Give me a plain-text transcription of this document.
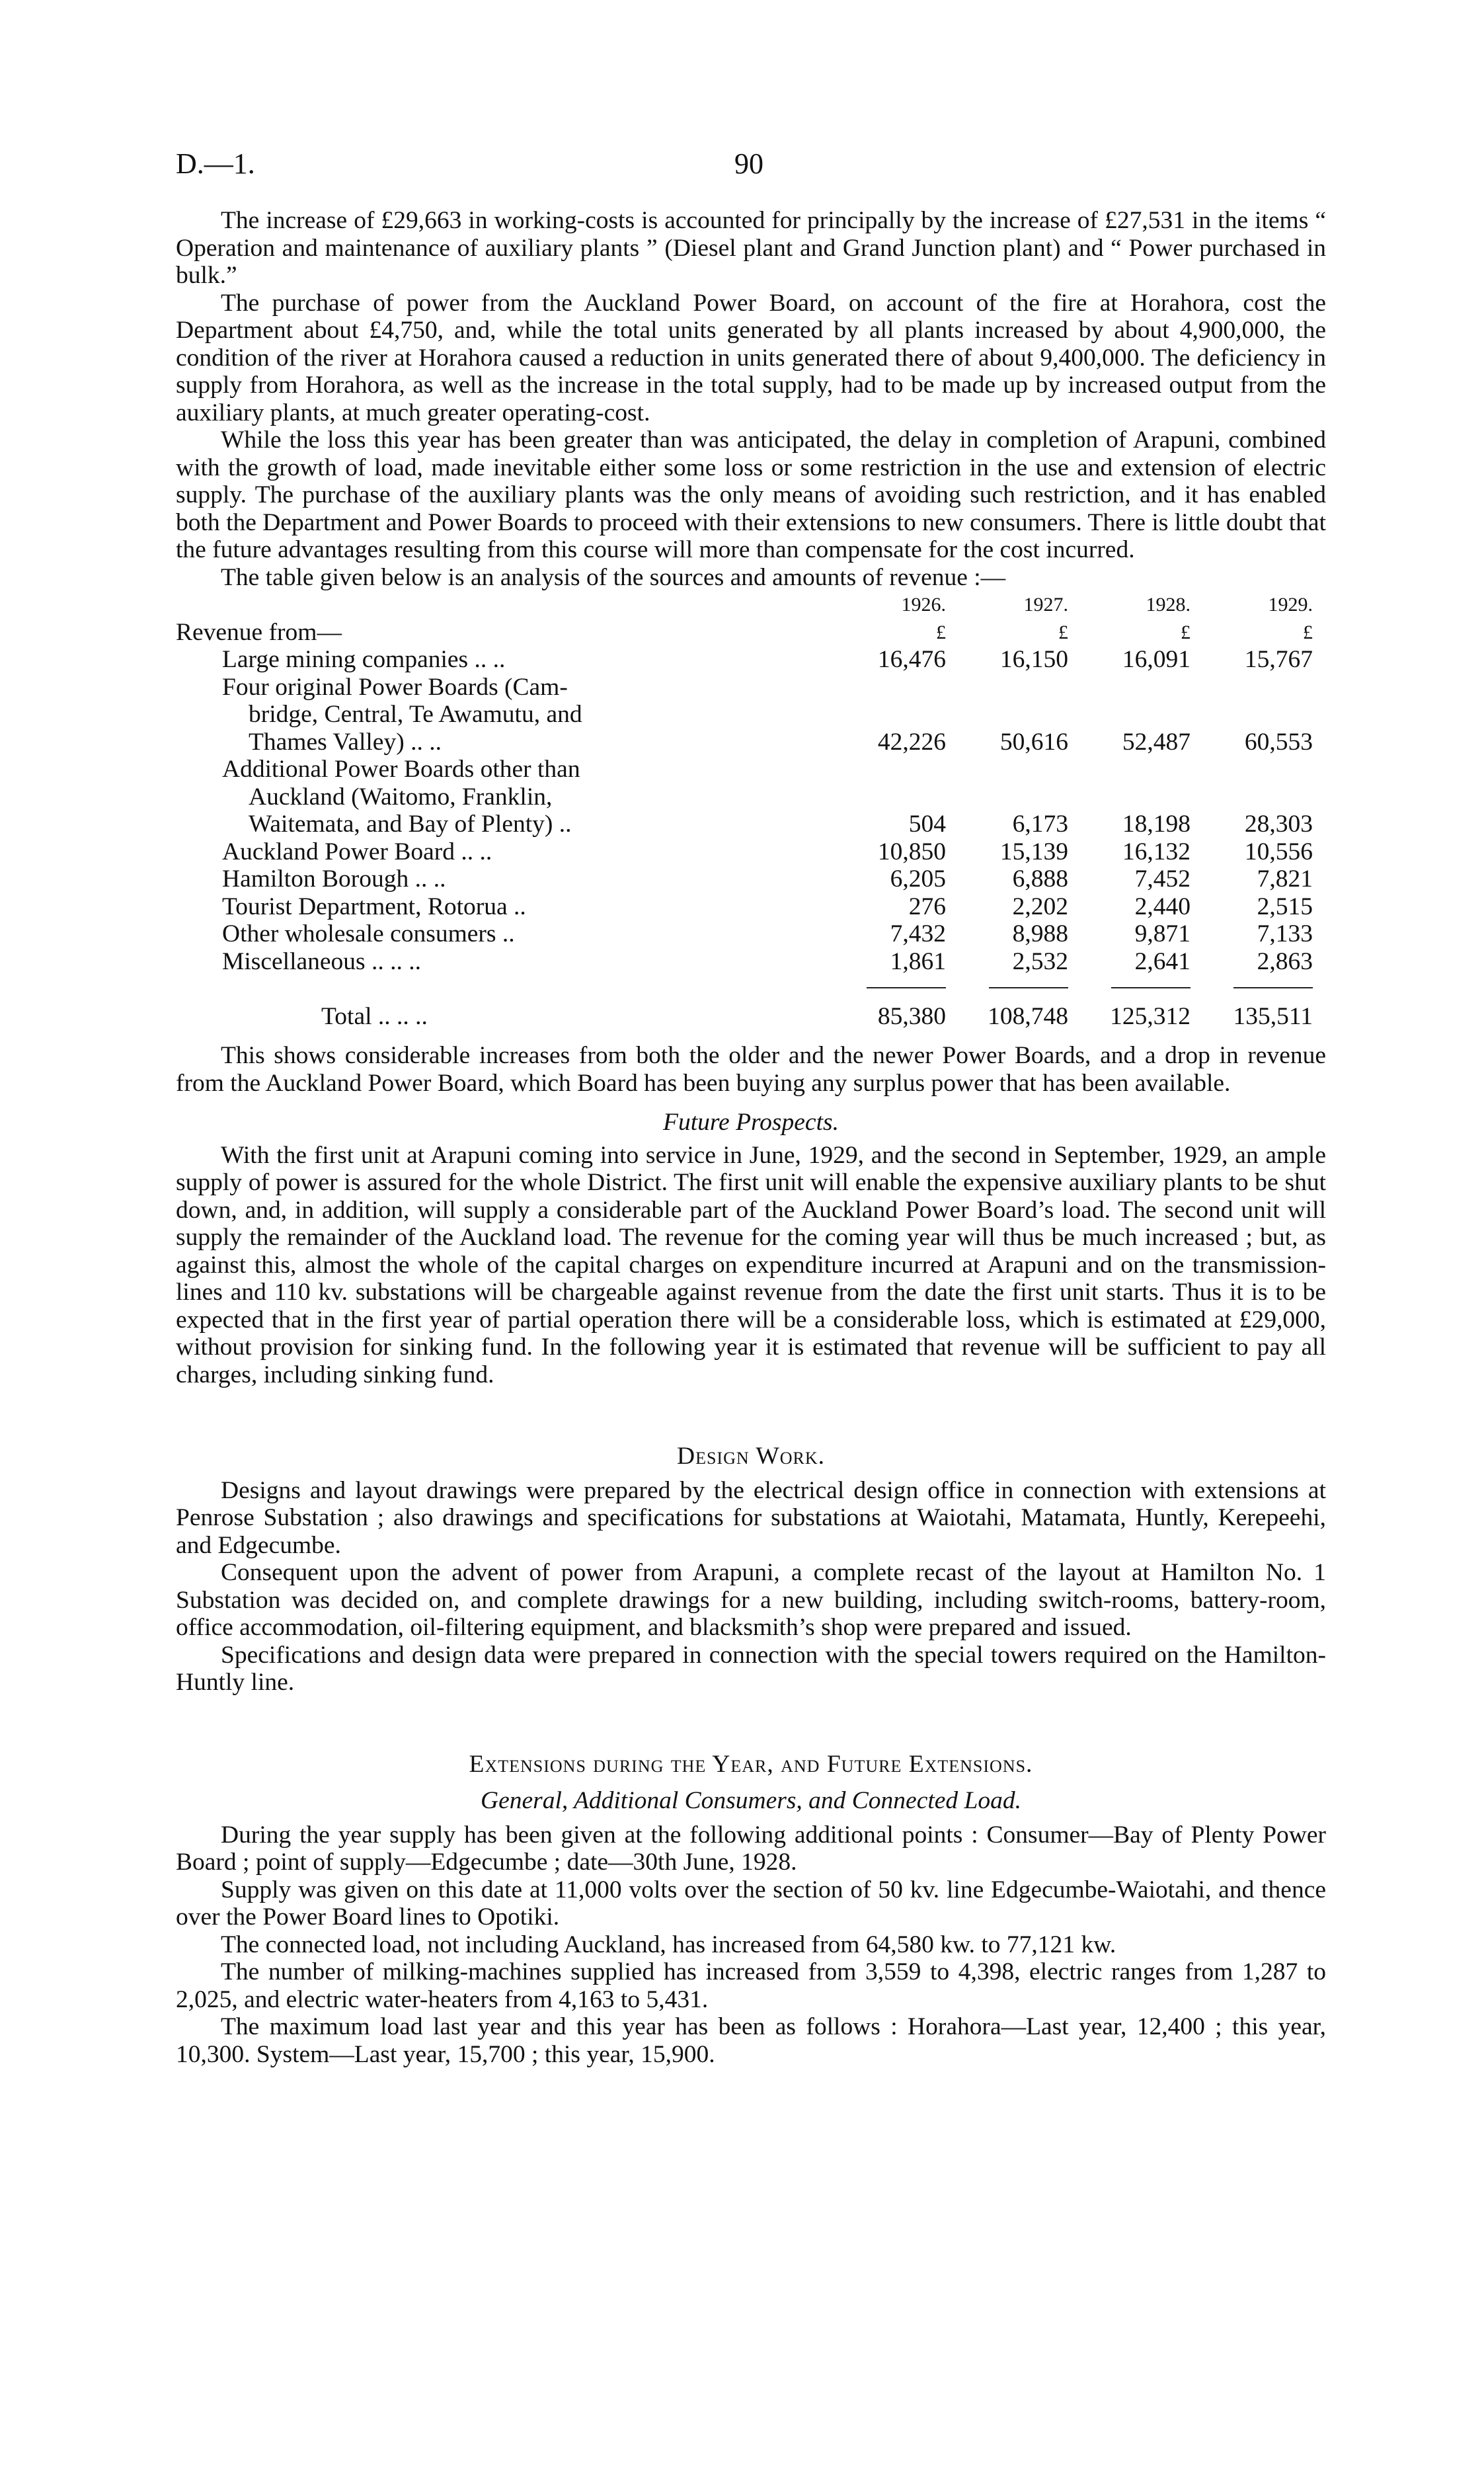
D.—1.	90

The increase of £29,663 in working-costs is accounted for principally by the increase of £27,531 in the items “ Operation and maintenance of auxiliary plants ” (Diesel plant and Grand Junction plant) and “ Power purchased in bulk.”

The purchase of power from the Auckland Power Board, on account of the fire at Horahora, cost the Department about £4,750, and, while the total units generated by all plants increased by about 4,900,000, the condition of the river at Horahora caused a reduction in units generated there of about 9,400,000. The deficiency in supply from Horahora, as well as the increase in the total supply, had to be made up by increased output from the auxiliary plants, at much greater operating-cost.

While the loss this year has been greater than was anticipated, the delay in completion of Arapuni, combined with the growth of load, made inevitable either some loss or some restriction in the use and extension of electric supply. The purchase of the auxiliary plants was the only means of avoiding such restriction, and it has enabled both the Department and Power Boards to proceed with their extensions to new consumers. There is little doubt that the future advantages resulting from this course will more than compensate for the cost incurred.

The table given below is an analysis of the sources and amounts of revenue :—

	1926.	1927.	1928.	1929.	
Revenue from—	£	£	£	£	
Large mining companies .. ..	16,476	16,150	16,091	15,767	
Four original Power Boards (Cam-					
bridge, Central, Te Awamutu, and					
Thames Valley) .. ..	42,226	50,616	52,487	60,553	
Additional Power Boards other than					
Auckland (Waitomo, Franklin,					
Waitemata, and Bay of Plenty) ..	504	6,173	18,198	28,303	
Auckland Power Board .. ..	10,850	15,139	16,132	10,556	
Hamilton Borough .. ..	6,205	6,888	7,452	7,821	
Tourist Department, Rotorua ..	276	2,202	2,440	2,515	
Other wholesale consumers ..	7,432	8,988	9,871	7,133	
Miscellaneous .. .. ..	1,861	2,532	2,641	2,863	

Total .. .. ..	85,380	108,748	125,312	135,511	

This shows considerable increases from both the older and the newer Power Boards, and a drop in revenue from the Auckland Power Board, which Board has been buying any surplus power that has been available.

Future Prospects.

With the first unit at Arapuni coming into service in June, 1929, and the second in September, 1929, an ample supply of power is assured for the whole District. The first unit will enable the expensive auxiliary plants to be shut down, and, in addition, will supply a considerable part of the Auckland Power Board’s load. The second unit will supply the remainder of the Auckland load. The revenue for the coming year will thus be much increased ; but, as against this, almost the whole of the capital charges on expenditure incurred at Arapuni and on the transmission-lines and 110 kv. substations will be chargeable against revenue from the date the first unit starts. Thus it is to be expected that in the first year of partial operation there will be a considerable loss, which is estimated at £29,000, without provision for sinking fund. In the following year it is estimated that revenue will be sufficient to pay all charges, including sinking fund.

Design Work.

Designs and layout drawings were prepared by the electrical design office in connection with extensions at Penrose Substation ; also drawings and specifications for substations at Waiotahi, Matamata, Huntly, Kerepeehi, and Edgecumbe.

Consequent upon the advent of power from Arapuni, a complete recast of the layout at Hamilton No. 1 Substation was decided on, and complete drawings for a new building, including switch-rooms, battery-room, office accommodation, oil-filtering equipment, and blacksmith’s shop were prepared and issued.

Specifications and design data were prepared in connection with the special towers required on the Hamilton-Huntly line.

Extensions during the Year, and Future Extensions.

General, Additional Consumers, and Connected Load.

During the year supply has been given at the following additional points : Consumer—Bay of Plenty Power Board ; point of supply—Edgecumbe ; date—30th June, 1928.

Supply was given on this date at 11,000 volts over the section of 50 kv. line Edgecumbe-Waiotahi, and thence over the Power Board lines to Opotiki.

The connected load, not including Auckland, has increased from 64,580 kw. to 77,121 kw.

The number of milking-machines supplied has increased from 3,559 to 4,398, electric ranges from 1,287 to 2,025, and electric water-heaters from 4,163 to 5,431.

The maximum load last year and this year has been as follows : Horahora—Last year, 12,400 ; this year, 10,300. System—Last year, 15,700 ; this year, 15,900.
